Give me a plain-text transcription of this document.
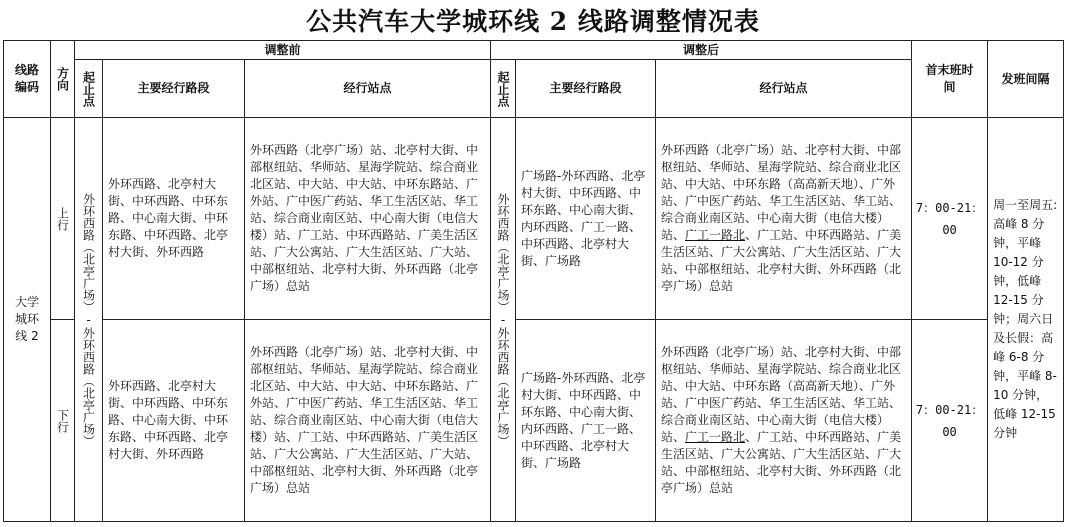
公共汽车大学城环线 2 线路调整情况表
线路编码	方向	调整前			调整后			首末班时间	发班间隔

		起止点	主要经行路段	经行站点	起止点	主要经行路段	经行站点		
大学城环线 2	上行	外环西路（北亭广场）-外环西路（北亭广场）	外环西路、北亭村大街、中环西路、中环东路、中心南大街、中环东路、中环西路、北亭村大街、外环西路	外环西路（北亭广场）站、北亭村大街、中部枢纽站、华师站、星海学院站、综合商业北区站、中大站、中大站、中环东路站、广外站、广中医广药站、华工生活区站、华工站、综合商业南区站、中心南大街（电信大楼）站、广工站、中环西路站、广美生活区站、广大公寓站、广大生活区站、广大站、中部枢纽站、北亭村大街、外环西路（北亭广场）总站	外环西路（北亭广场）-外环西路（北亭广场）	广场路-外环西路、北亭村大街、中环西路、中环东路、中心南大街、内环西路、广工一路、中环西路、北亭村大街、广场路	外环西路（北亭广场）站、北亭村大街、中部枢纽站、华师站、星海学院站、综合商业北区站、中大站、中环东路（高高新天地）、广外站、广中医广药站、华工生活区站、华工站、综合商业南区站、中心南大街（电信大楼）站、广工一路北、广工站、中环西路站、广美生活区站、广大公寓站、广大生活区站、广大站、中部枢纽站、北亭村大街、外环西路（北亭广场）总站	7：00-21：00	周一至周五:高峰 8 分钟，平峰 10-12 分钟，低峰 12-15 分钟；周六日及长假：高峰 6-8 分钟，平峰 8-10 分钟，低峰 12-15 分钟

	下行		外环西路、北亭村大街、中环西路、中环东路、中心南大街、中环东路、中环西路、北亭村大街、外环西路	外环西路（北亭广场）站、北亭村大街、中部枢纽站、华师站、星海学院站、综合商业北区站、中大站、中大站、中环东路站、广外站、广中医广药站、华工生活区站、华工站、综合商业南区站、中心南大街（电信大楼）站、广工站、中环西路站、广美生活区站、广大公寓站、广大生活区站、广大站、中部枢纽站、北亭村大街、外环西路（北亭广场）总站		广场路-外环西路、北亭村大街、中环西路、中环东路、中心南大街、内环西路、广工一路、中环西路、北亭村大街、广场路	外环西路（北亭广场）站、北亭村大街、中部枢纽站、华师站、星海学院站、综合商业北区站、中大站、中环东路（高高新天地）、广外站、广中医广药站、华工生活区站、华工站、综合商业南区站、中心南大街（电信大楼）站、广工一路北、广工站、中环西路站、广美生活区站、广大公寓站、广大生活区站、广大站、中部枢纽站、北亭村大街、外环西路（北亭广场）总站	7：00-21：00	
